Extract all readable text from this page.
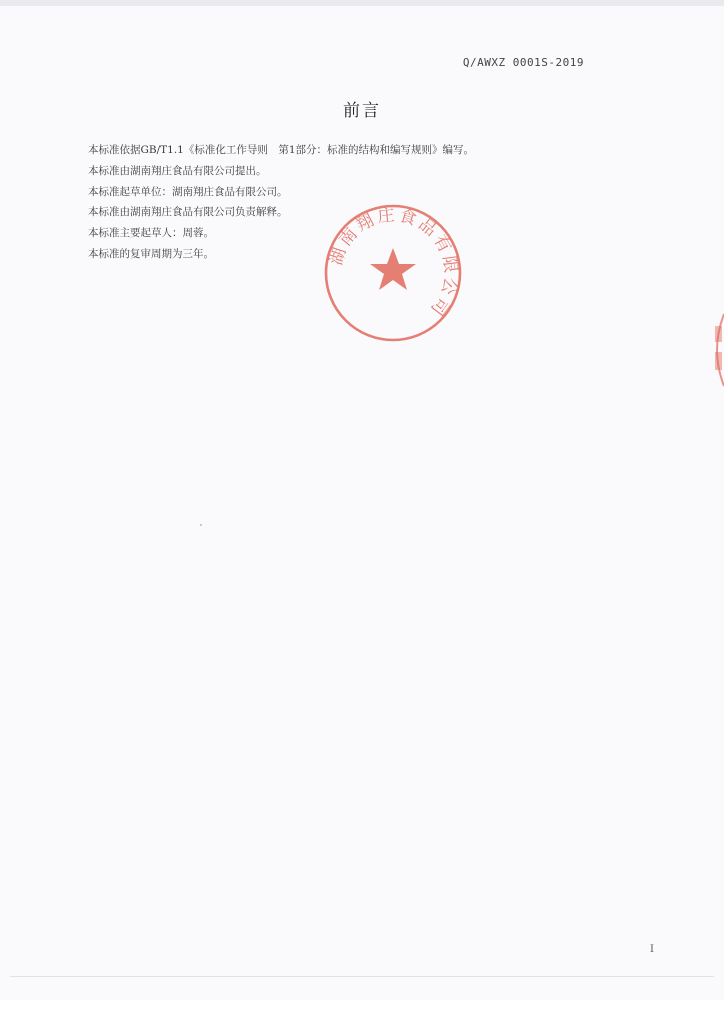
Q/AWXZ 0001S-2019
前言
本标准依据GB/T1.1《标准化工作导则　第1部分：标准的结构和编写规则》编写。
本标准由湖南翔庄食品有限公司提出。
本标准起草单位：湖南翔庄食品有限公司。
本标准由湖南翔庄食品有限公司负责解释。
本标准主要起草人：周蓉。
本标准的复审周期为三年。	湖南翔庄食品有限公司
I
